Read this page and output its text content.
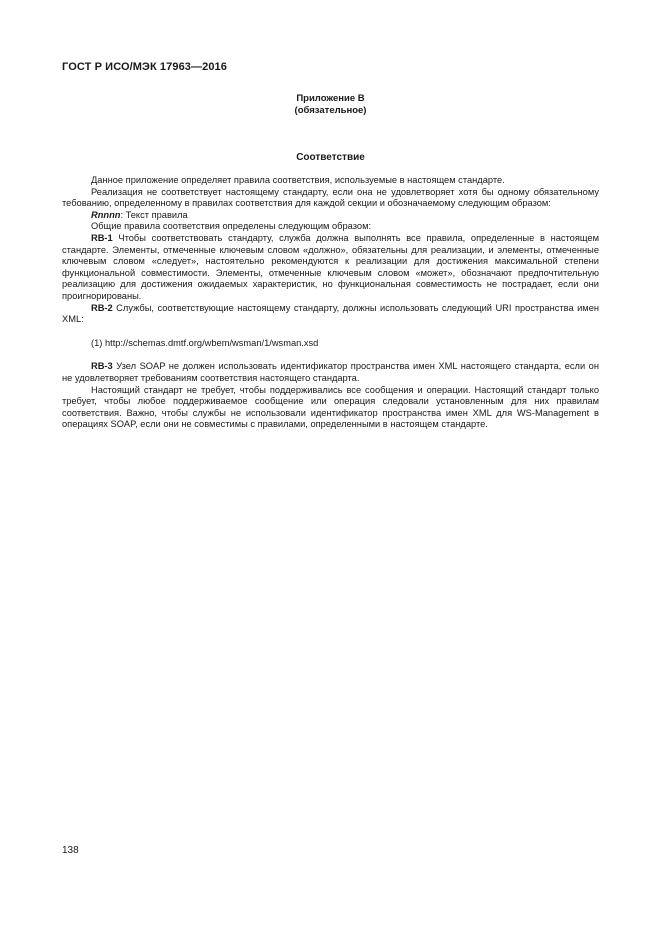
ГОСТ Р ИСО/МЭК 17963—2016
Приложение В
(обязательное)
Соответствие

Данное приложение определяет правила соответствия, используемые в настоящем стандарте.

Реализация не соответствует настоящему стандарту, если она не удовлетворяет хотя бы одному обязательному тебованию, определенному в правилах соответствия для каждой секции и обозначаемому следующим образом:

Rnnnn: Текст правила

Общие правила соответствия определены следующим образом:

RB-1 Чтобы соответствовать стандарту, служба должна выполнять все правила, определенные в настоящем стандарте. Элементы, отмеченные ключевым словом «должно», обязательны для реализации, и элементы, отмеченные ключевым словом «следует», настоятельно рекомендуются к реализации для достижения максимальной степени функциональной совместимости. Элементы, отмеченные ключевым словом «может», обозначают предпочтительную реализацию для достижения ожидаемых характеристик, но функциональная совместимость не пострадает, если они проигнорированы.

RB-2 Службы, соответствующие настоящему стандарту, должны использовать следующий URI пространства имен XML:

(1) http://schemas.dmtf.org/wbem/wsman/1/wsman.xsd

RB-3 Узел SOAP не должен использовать идентификатор пространства имен XML настоящего стандарта, если он не удовлетворяет требованиям соответствия настоящего стандарта.

Настоящий стандарт не требует, чтобы поддерживались все сообщения и операции. Настоящий стандарт только требует, чтобы любое поддерживаемое сообщение или операция следовали установленным для них правилам соответствия. Важно, чтобы службы не использовали идентификатор пространства имен XML для WS-Management в операциях SOAP, если они не совместимы с правилами, определенными в настоящем стандарте.

138
